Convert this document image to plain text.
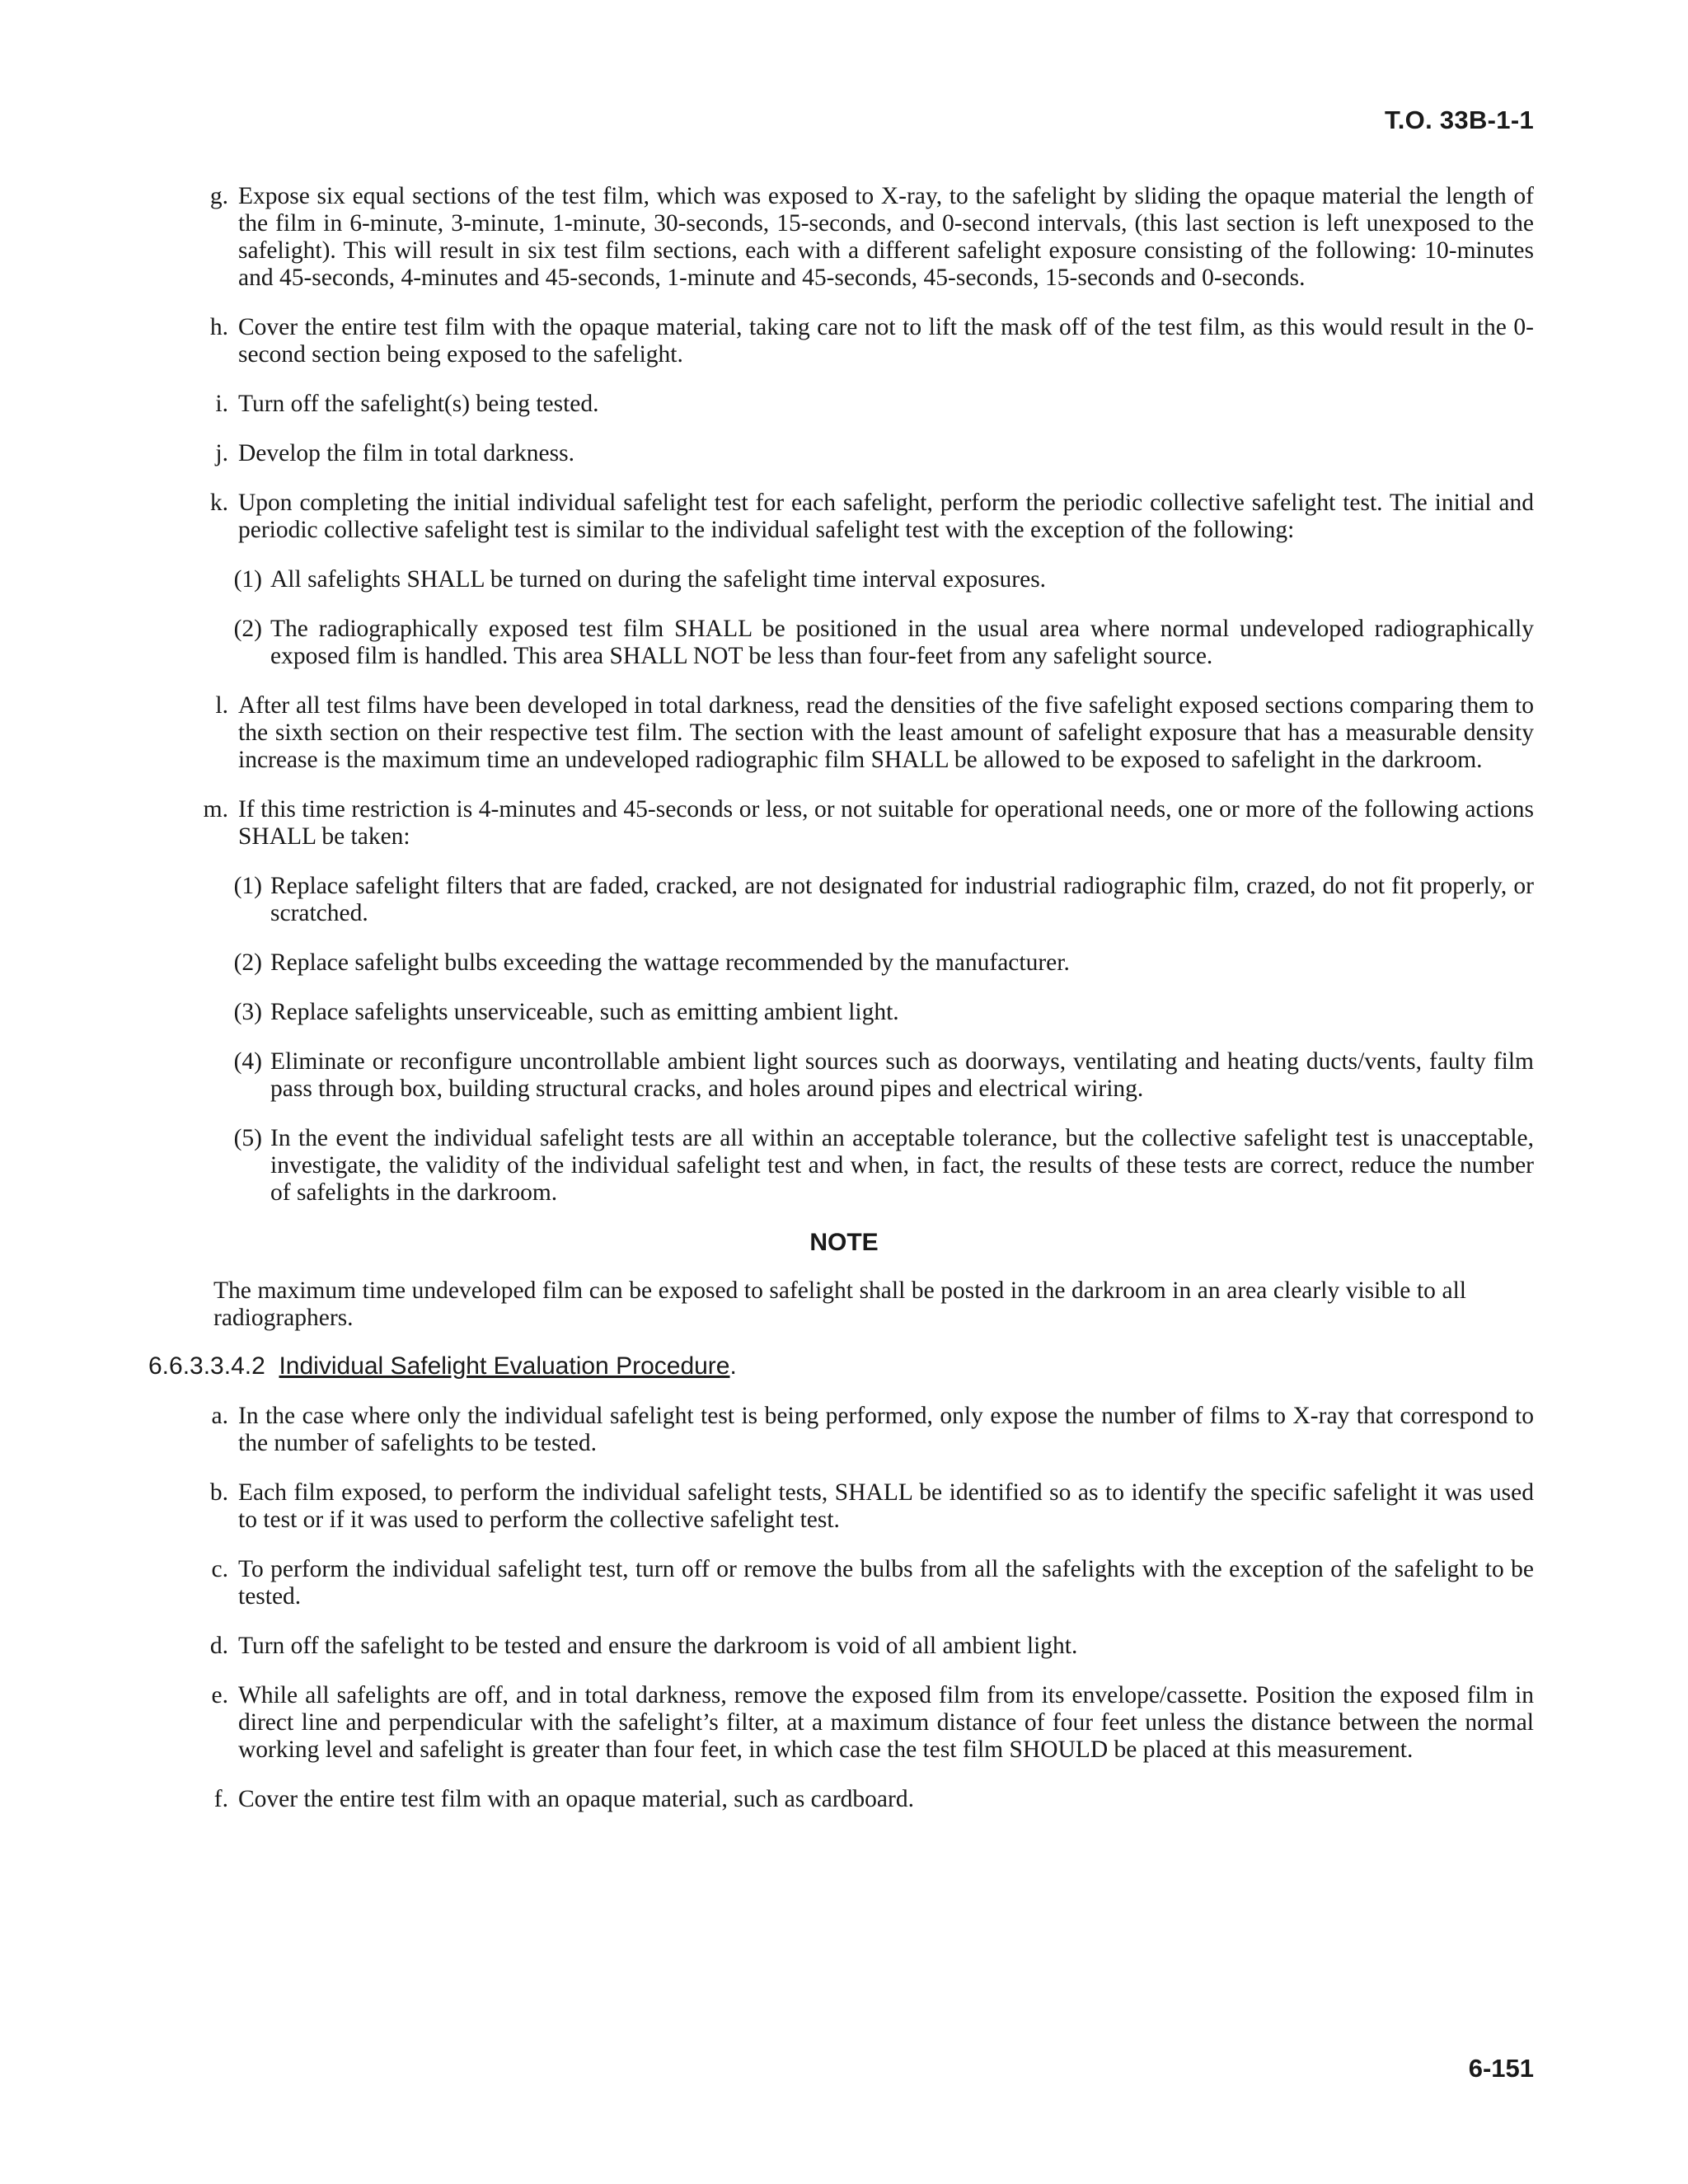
T.O. 33B-1-1
g. Expose six equal sections of the test film, which was exposed to X-ray, to the safelight by sliding the opaque material the length of the film in 6-minute, 3-minute, 1-minute, 30-seconds, 15-seconds, and 0-second intervals, (this last section is left unexposed to the safelight). This will result in six test film sections, each with a different safelight exposure consisting of the following: 10-minutes and 45-seconds, 4-minutes and 45-seconds, 1-minute and 45-seconds, 45-seconds, 15-seconds and 0-seconds.
h. Cover the entire test film with the opaque material, taking care not to lift the mask off of the test film, as this would result in the 0-second section being exposed to the safelight.
i. Turn off the safelight(s) being tested.
j. Develop the film in total darkness.
k. Upon completing the initial individual safelight test for each safelight, perform the periodic collective safelight test. The initial and periodic collective safelight test is similar to the individual safelight test with the exception of the following:
(1) All safelights SHALL be turned on during the safelight time interval exposures.
(2) The radiographically exposed test film SHALL be positioned in the usual area where normal undeveloped radiographically exposed film is handled. This area SHALL NOT be less than four-feet from any safelight source.
l. After all test films have been developed in total darkness, read the densities of the five safelight exposed sections comparing them to the sixth section on their respective test film. The section with the least amount of safelight exposure that has a measurable density increase is the maximum time an undeveloped radiographic film SHALL be allowed to be exposed to safelight in the darkroom.
m. If this time restriction is 4-minutes and 45-seconds or less, or not suitable for operational needs, one or more of the following actions SHALL be taken:
(1) Replace safelight filters that are faded, cracked, are not designated for industrial radiographic film, crazed, do not fit properly, or scratched.
(2) Replace safelight bulbs exceeding the wattage recommended by the manufacturer.
(3) Replace safelights unserviceable, such as emitting ambient light.
(4) Eliminate or reconfigure uncontrollable ambient light sources such as doorways, ventilating and heating ducts/vents, faulty film pass through box, building structural cracks, and holes around pipes and electrical wiring.
(5) In the event the individual safelight tests are all within an acceptable tolerance, but the collective safelight test is unacceptable, investigate, the validity of the individual safelight test and when, in fact, the results of these tests are correct, reduce the number of safelights in the darkroom.
NOTE
The maximum time undeveloped film can be exposed to safelight shall be posted in the darkroom in an area clearly visible to all radiographers.
6.6.3.3.4.2 Individual Safelight Evaluation Procedure.
a. In the case where only the individual safelight test is being performed, only expose the number of films to X-ray that correspond to the number of safelights to be tested.
b. Each film exposed, to perform the individual safelight tests, SHALL be identified so as to identify the specific safelight it was used to test or if it was used to perform the collective safelight test.
c. To perform the individual safelight test, turn off or remove the bulbs from all the safelights with the exception of the safelight to be tested.
d. Turn off the safelight to be tested and ensure the darkroom is void of all ambient light.
e. While all safelights are off, and in total darkness, remove the exposed film from its envelope/cassette. Position the exposed film in direct line and perpendicular with the safelight’s filter, at a maximum distance of four feet unless the distance between the normal working level and safelight is greater than four feet, in which case the test film SHOULD be placed at this measurement.
f. Cover the entire test film with an opaque material, such as cardboard.
6-151
